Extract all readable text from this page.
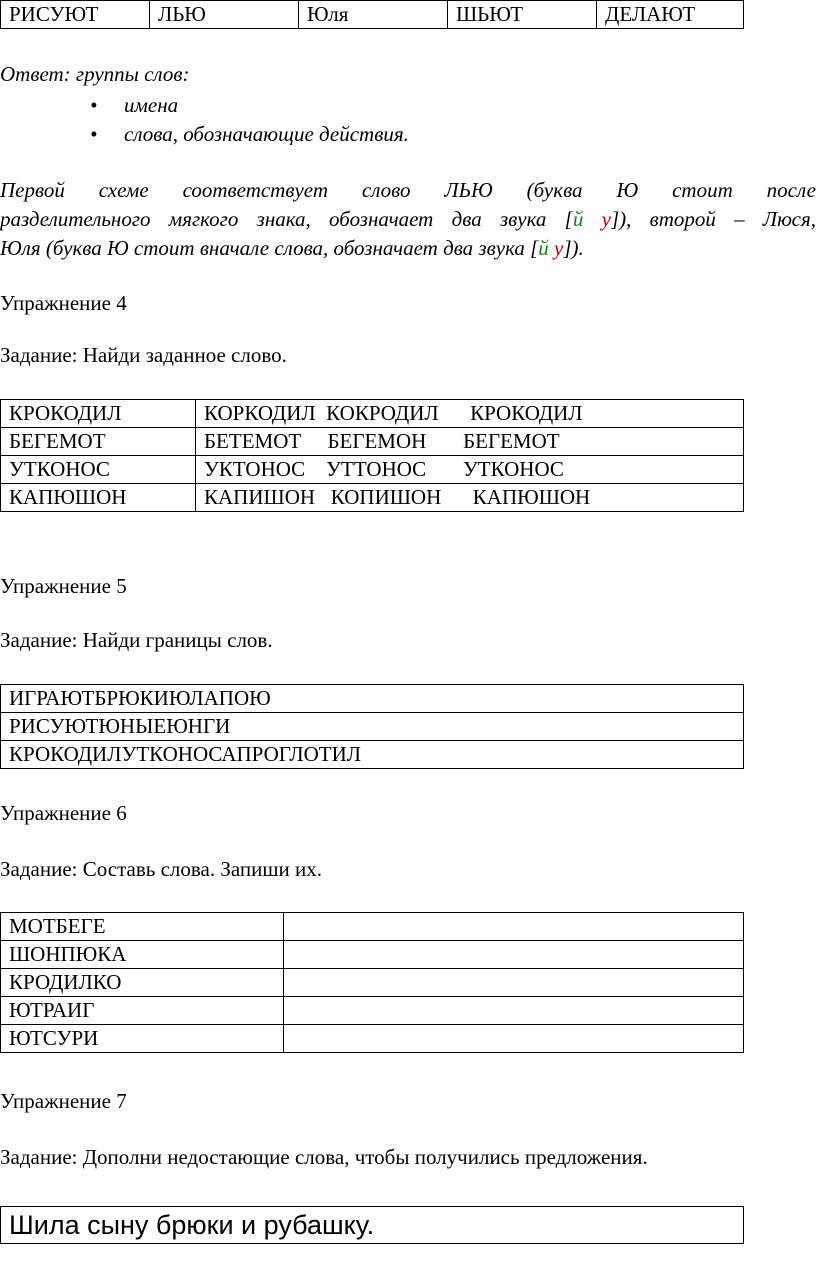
РИСУЮТ	ЛЬЮ	Юля	ШЬЮТ	ДЕЛАЮТ
Ответ: группы слов:
• имена
• слова, обозначающие действия.
Первой схеме соответствует слово ЛЬЮ (буква Ю стоит после
разделительного мягкого знака, обозначает два звука [й у]), второй – Люся,
Юля (буква Ю стоит вначале слова, обозначает два звука [й у]).
Упражнение 4
Задание: Найди заданное слово.
КРОКОДИЛ	КОРКОДИЛ  КОКРОДИЛ      КРОКОДИЛ
БЕГЕМОТ	БЕТЕМОТ     БЕГЕМОН       БЕГЕМОТ
УТКОНОС	УКТОНОС    УТТОНОС       УТКОНОС
КАПЮШОН	КАПИШОН   КОПИШОН      КАПЮШОН
Упражнение 5
Задание: Найди границы слов.
ИГРАЮТБРЮКИЮЛАПОЮ
РИСУЮТЮНЫЕЮНГИ
КРОКОДИЛУТКОНОСАПРОГЛОТИЛ
Упражнение 6
Задание: Составь слова. Запиши их.
МОТБЕГЕ	
ШОНПЮКА	
КРОДИЛКО	
ЮТРАИГ	
ЮТСУРИ	
Упражнение 7
Задание: Дополни недостающие слова, чтобы получились предложения.
Шила сыну брюки и рубашку.
